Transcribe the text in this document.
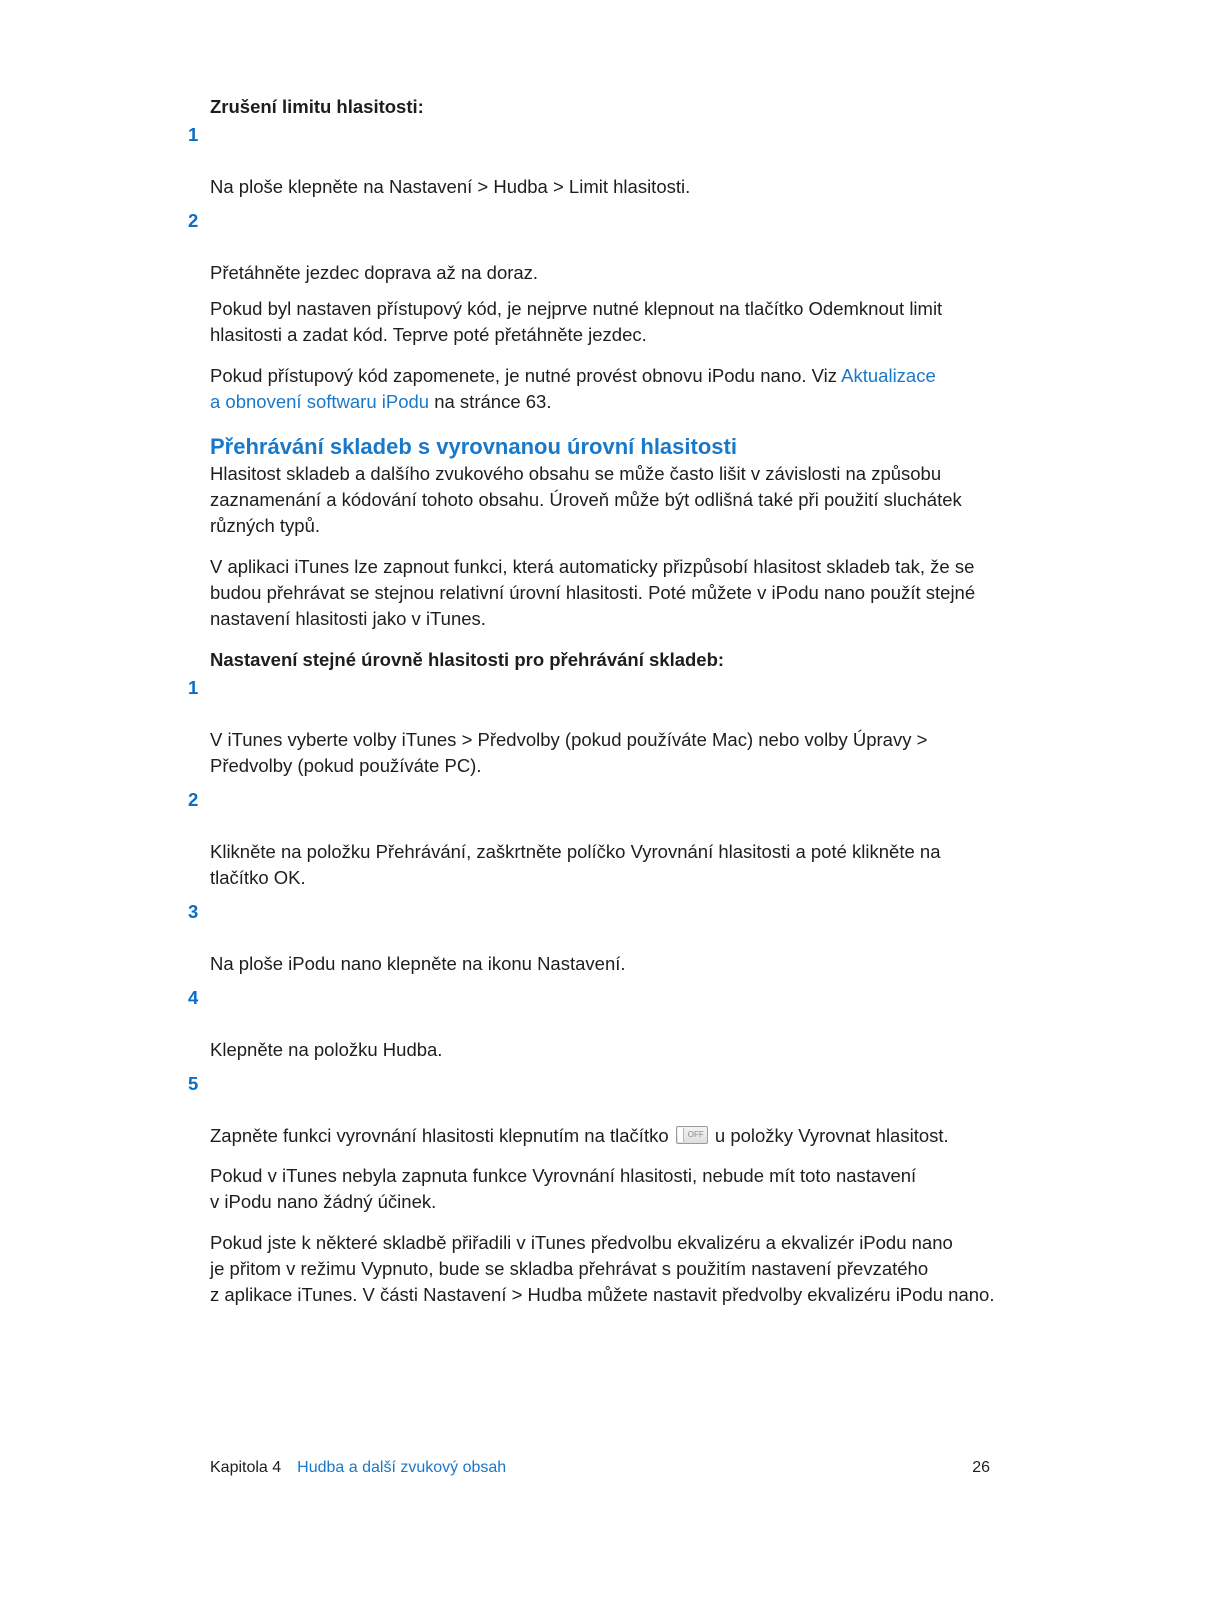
Zrušení limitu hlasitosti:

1

Na ploše klepněte na Nastavení > Hudba > Limit hlasitosti.

2

Přetáhněte jezdec doprava až na doraz.

Pokud byl nastaven přístupový kód, je nejprve nutné klepnout na tlačítko Odemknout limit
hlasitosti a zadat kód. Teprve poté přetáhněte jezdec.

Pokud přístupový kód zapomenete, je nutné provést obnovu iPodu nano. Viz Aktualizace
a obnovení softwaru iPodu na stránce 63.

Přehrávání skladeb s vyrovnanou úrovní hlasitosti

Hlasitost skladeb a dalšího zvukového obsahu se může často lišit v závislosti na způsobu
zaznamenání a kódování tohoto obsahu. Úroveň může být odlišná také při použití sluchátek
různých typů.

V aplikaci iTunes lze zapnout funkci, která automaticky přizpůsobí hlasitost skladeb tak, že se
budou přehrávat se stejnou relativní úrovní hlasitosti. Poté můžete v iPodu nano použít stejné
nastavení hlasitosti jako v iTunes.

Nastavení stejné úrovně hlasitosti pro přehrávání skladeb:

1

V iTunes vyberte volby iTunes > Předvolby (pokud používáte Mac) nebo volby Úpravy >
Předvolby (pokud používáte PC).

2

Klikněte na položku Přehrávání, zaškrtněte políčko Vyrovnání hlasitosti a poté klikněte na
tlačítko OK.

3

Na ploše iPodu nano klepněte na ikonu Nastavení.

4

Klepněte na položku Hudba.

5

Zapněte funkci vyrovnání hlasitosti klepnutím na tlačítko OFF u položky Vyrovnat hlasitost.

Pokud v iTunes nebyla zapnuta funkce Vyrovnání hlasitosti, nebude mít toto nastavení
v iPodu nano žádný účinek.

Pokud jste k některé skladbě přiřadili v iTunes předvolbu ekvalizéru a ekvalizér iPodu nano
je přitom v režimu Vypnuto, bude se skladba přehrávat s použitím nastavení převzatého
z aplikace iTunes. V části Nastavení > Hudba můžete nastavit předvolby ekvalizéru iPodu nano.

Kapitola 4 Hudba a další zvukový obsah	26
